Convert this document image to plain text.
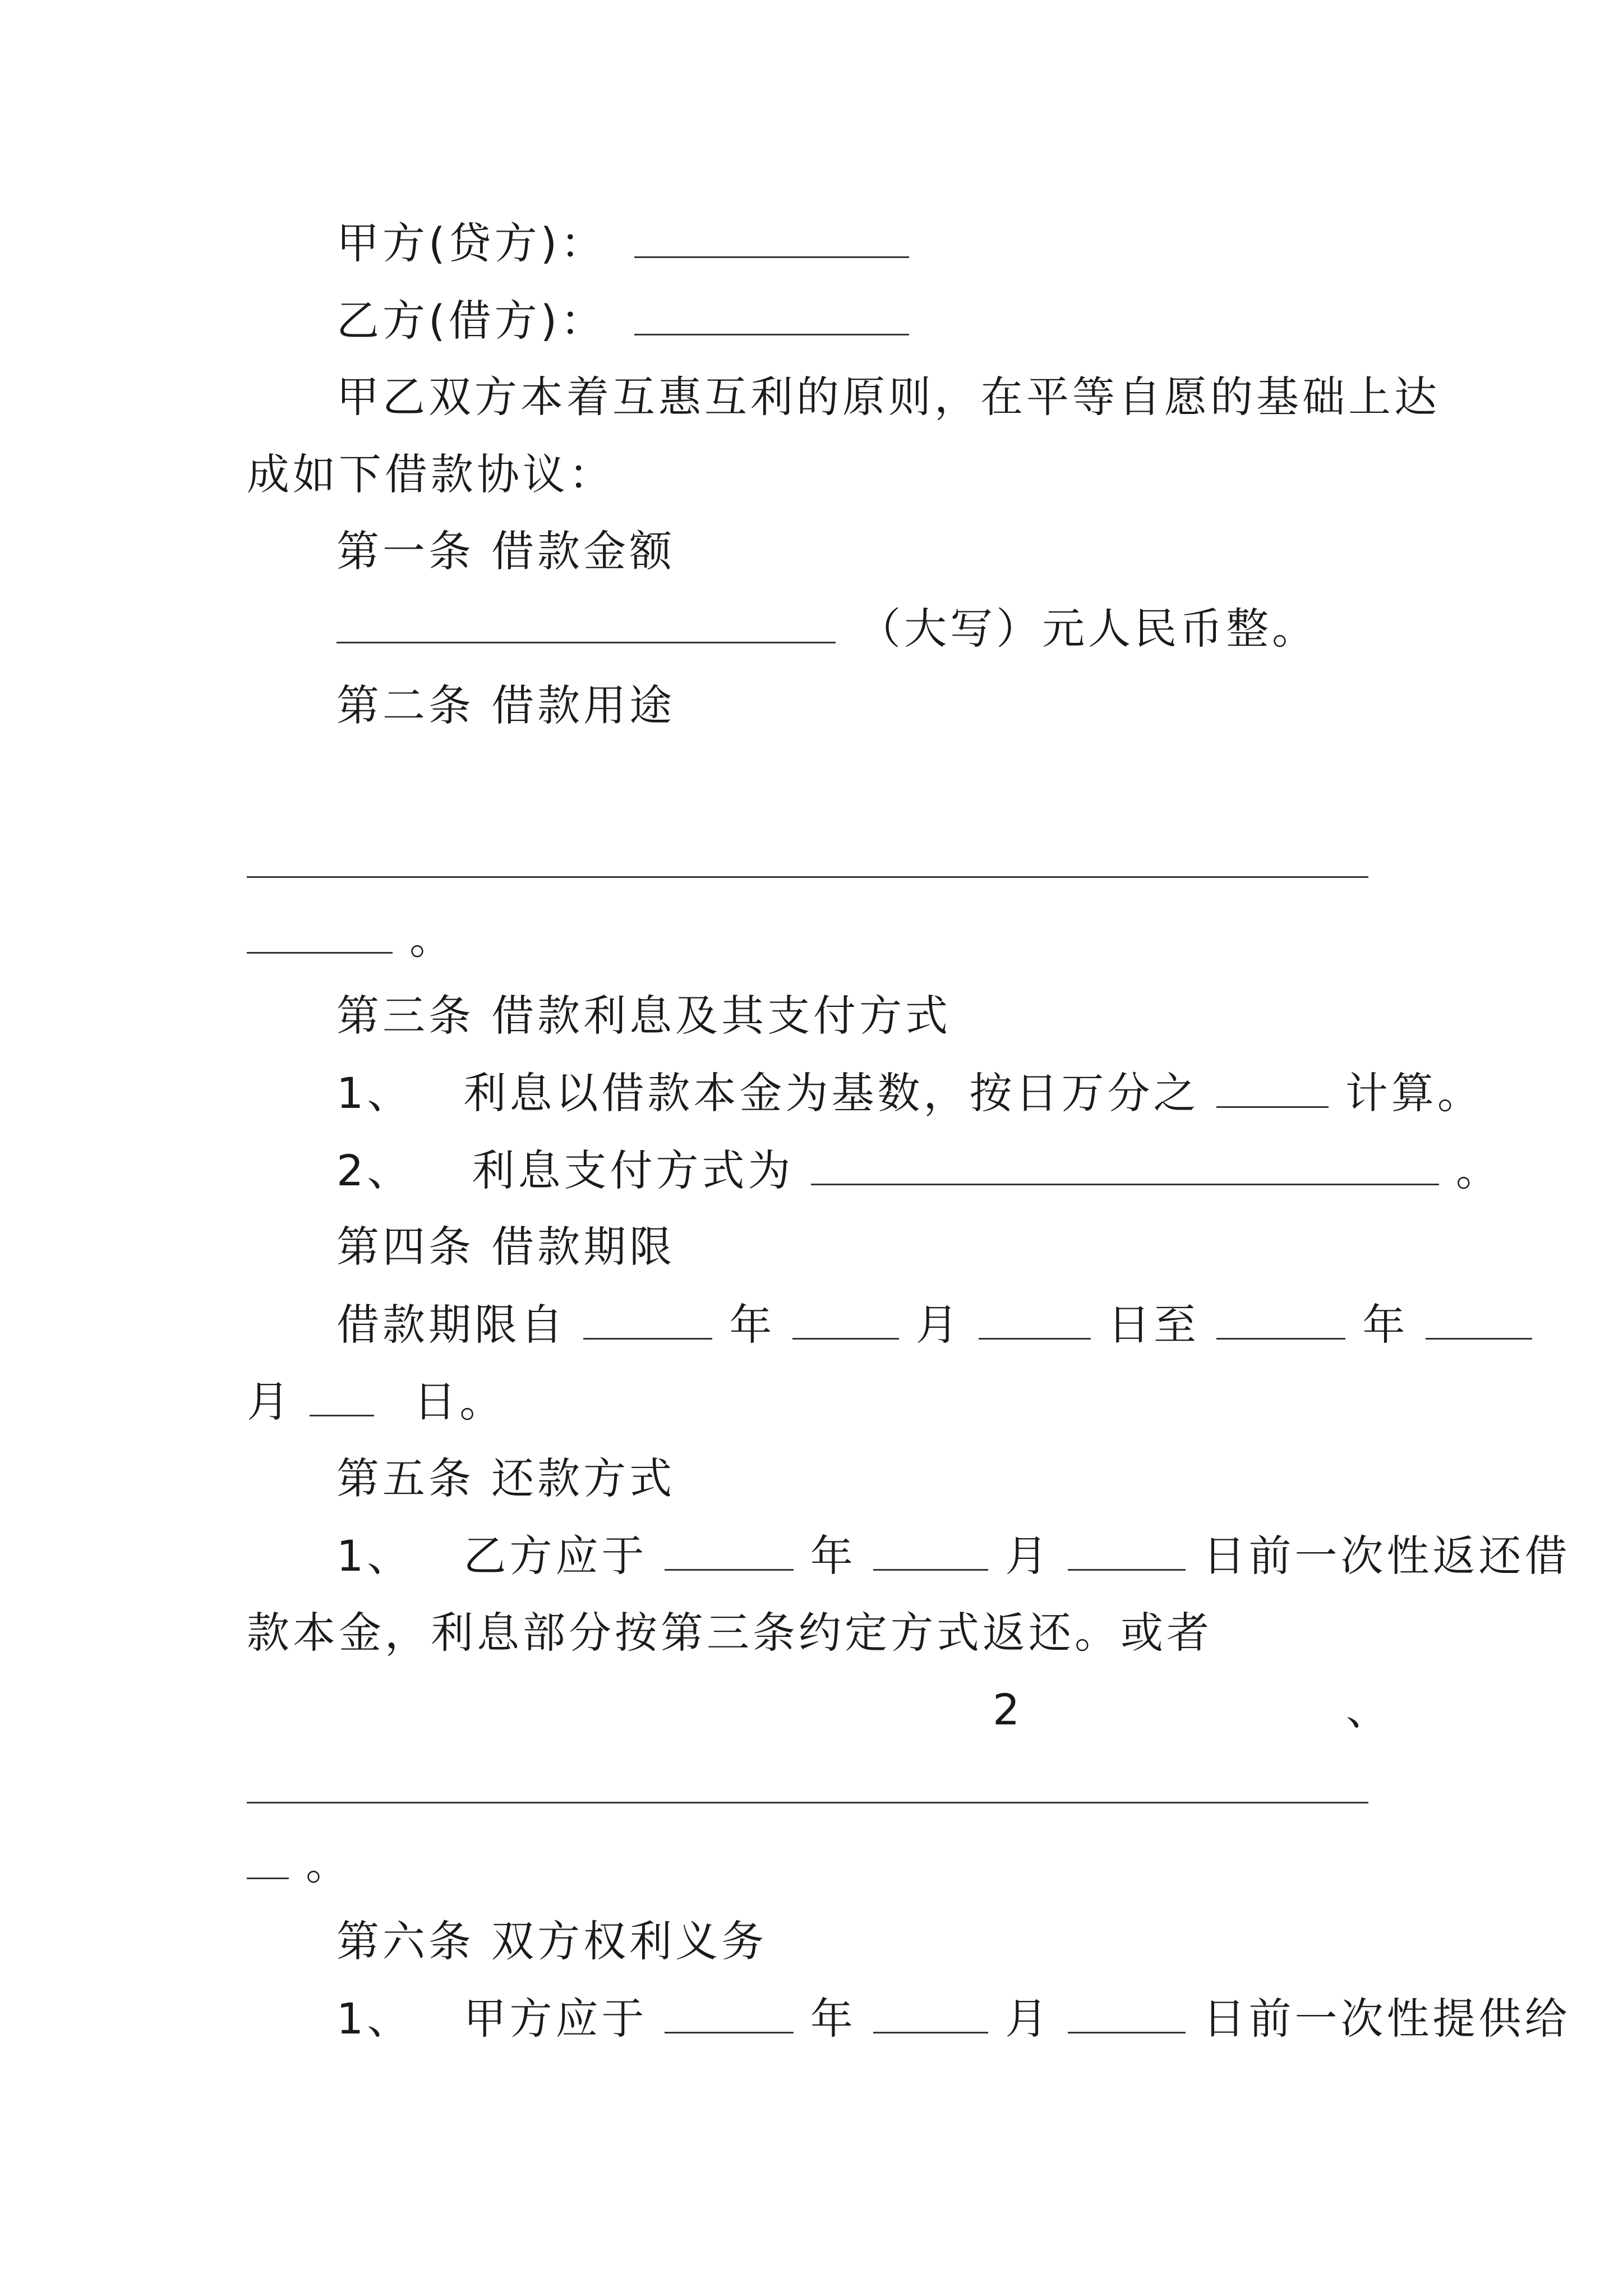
甲方(贷方)：
乙方(借方)：
甲乙双方本着互惠互利的原则，在平等自愿的基础上达
成如下借款协议：
第一条 借款金额
（大写）元人民币整。
第二条 借款用途
。
第三条 借款利息及其支付方式
1、 利息以借款本金为基数，按日万分之	计算。
2、 利息支付方式为	。
第四条 借款期限
借款期限自	年	月	日至	年
月	日。
第五条 还款方式
1、 乙方应于	年	月	日前一次性返还借
款本金，利息部分按第三条约定方式返还。或者
2	、
。
第六条 双方权利义务
1、 甲方应于	年	月	日前一次性提供给
